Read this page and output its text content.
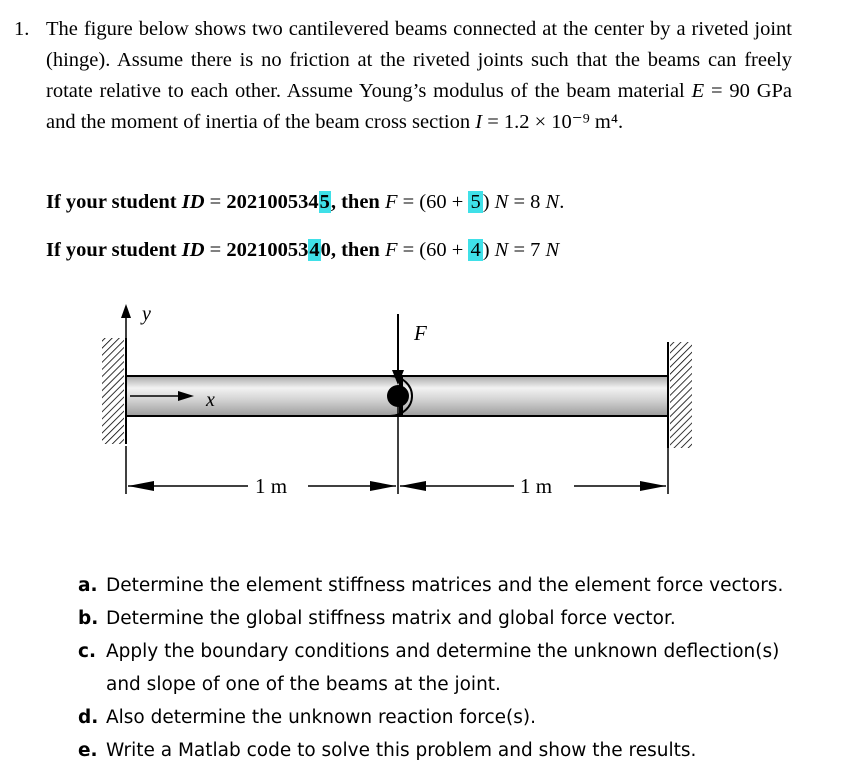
1. The figure below shows two cantilevered beams connected at the center by a riveted joint (hinge). Assume there is no friction at the riveted joints such that the beams can freely rotate relative to each other. Assume Young’s modulus of the beam material E = 90 GPa and the moment of inertia of the beam cross section I = 1.2 × 10⁻⁹ m⁴.
If your student ID = 2021005345, then F = (60 + 5) N = 8 N.
If your student ID = 2021005340, then F = (60 + 4) N = 7 N
y
x
F
1 m	1 m
a. Determine the element stiffness matrices and the element force vectors.
b. Determine the global stiffness matrix and global force vector.
c. Apply the boundary conditions and determine the unknown deflection(s) and slope of one of the beams at the joint.
d. Also determine the unknown reaction force(s).
e. Write a Matlab code to solve this problem and show the results.
